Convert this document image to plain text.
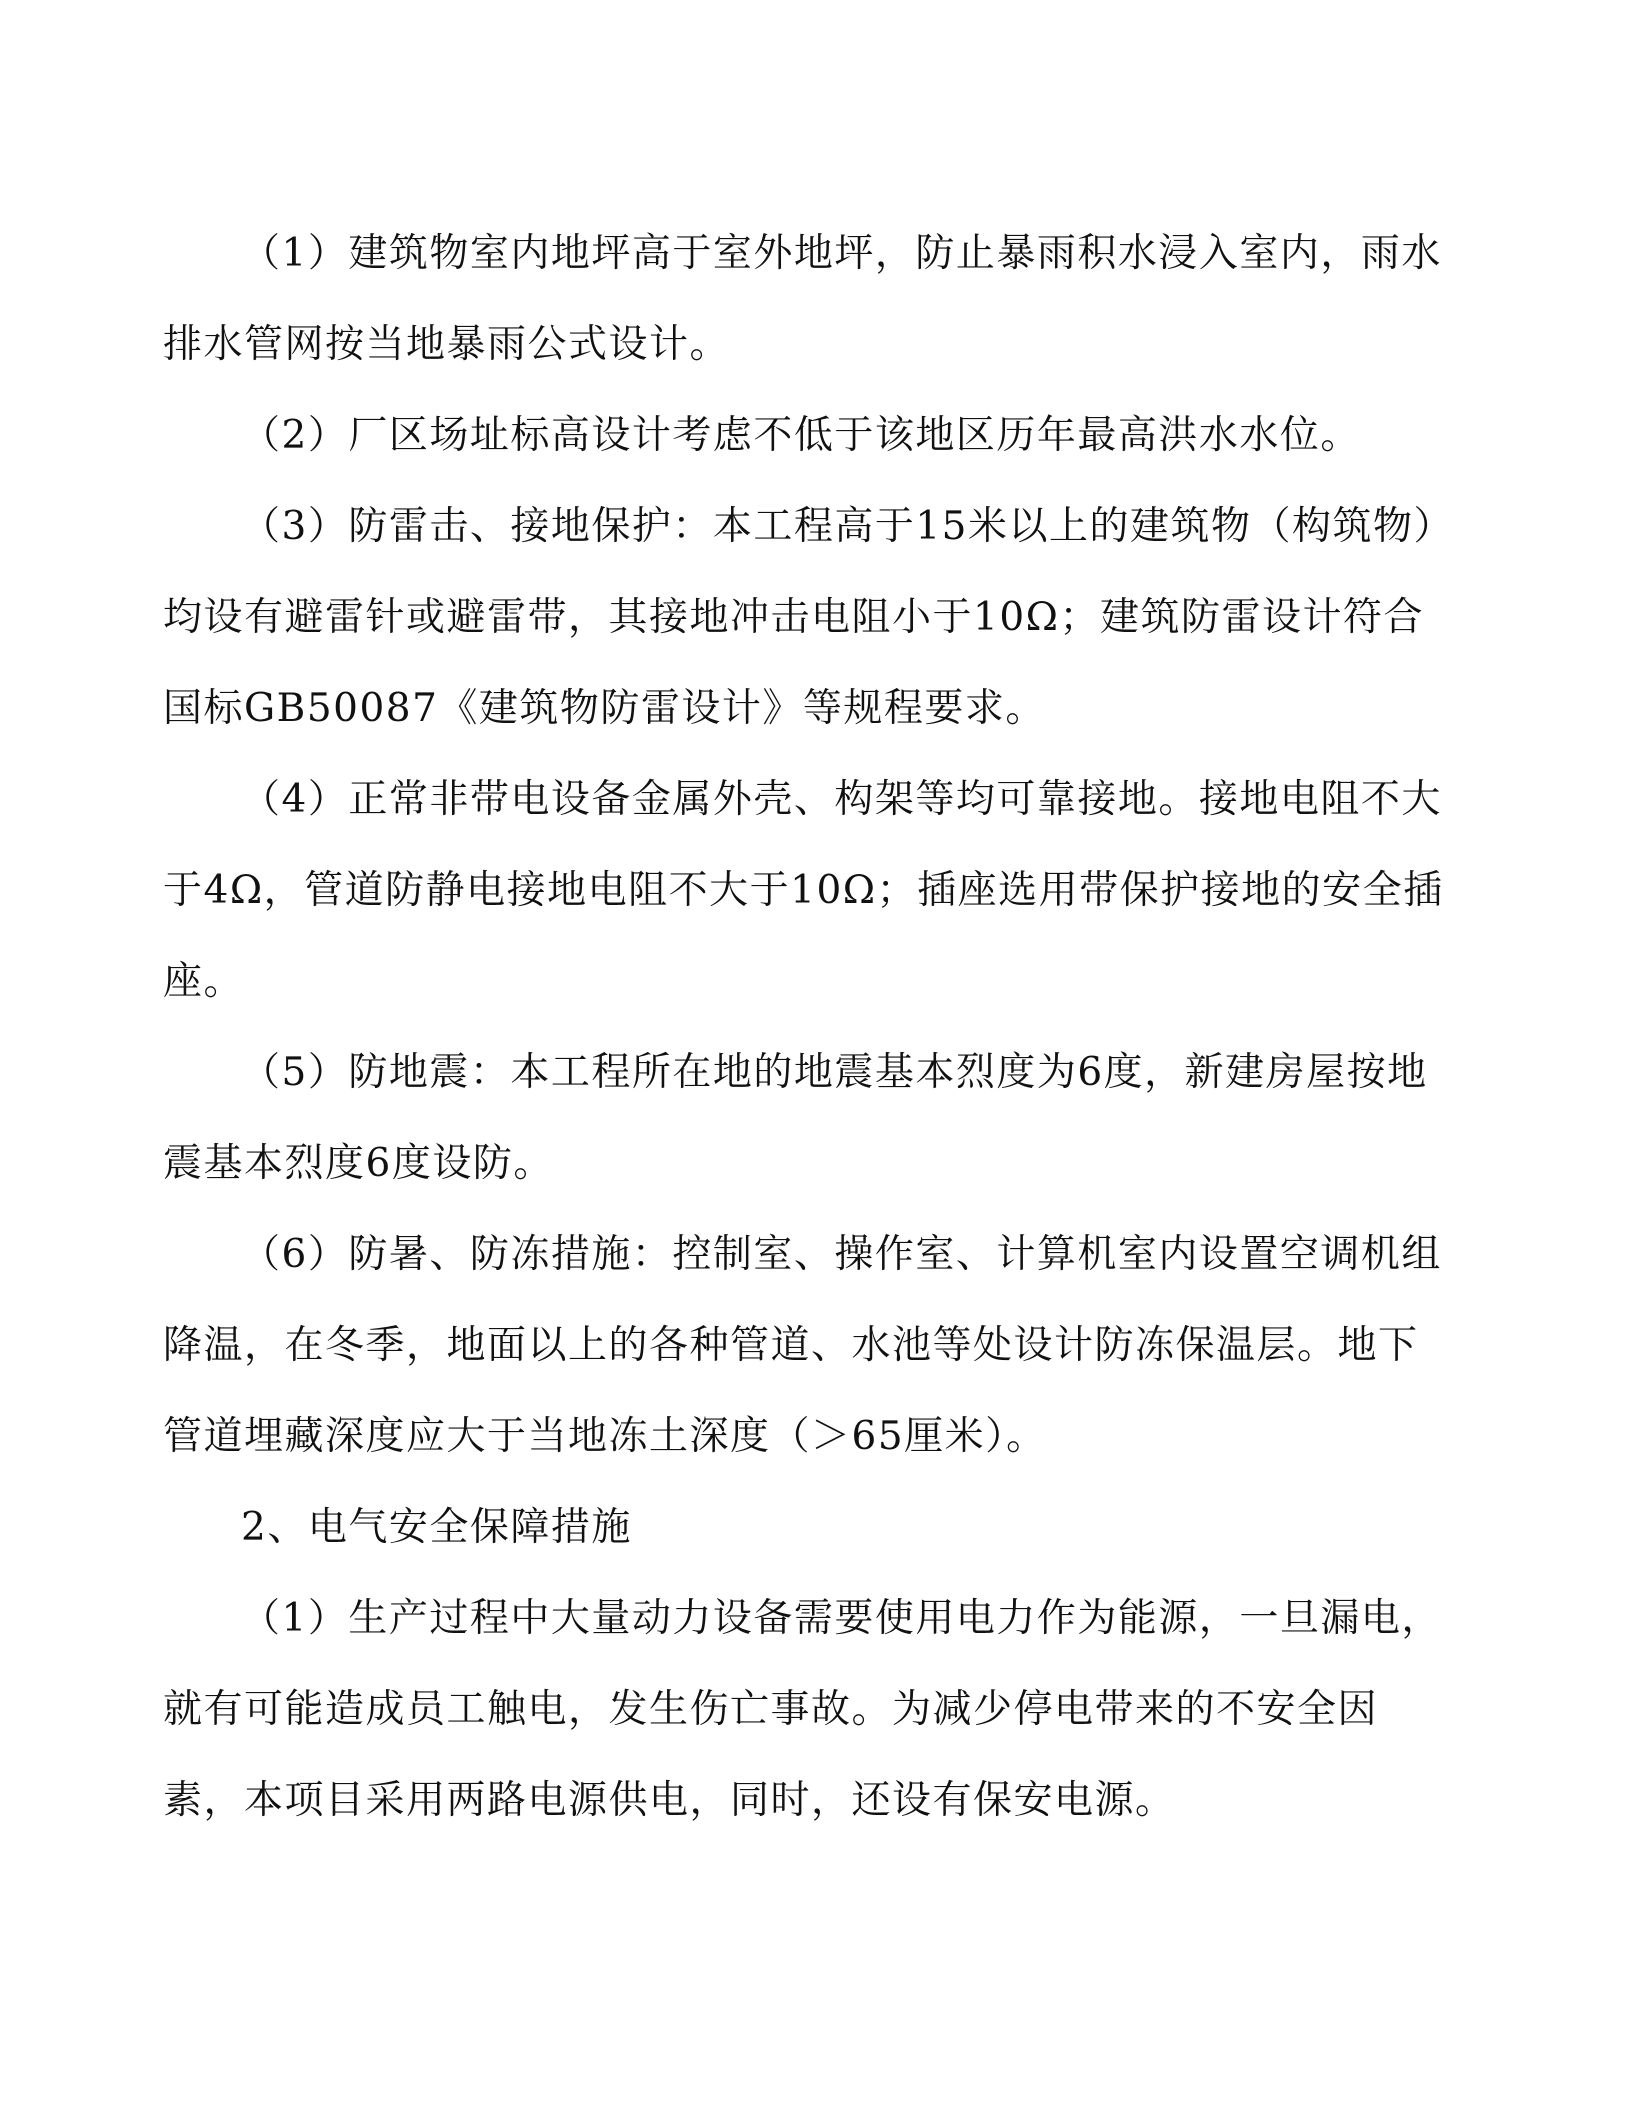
（1）建筑物室内地坪高于室外地坪，防止暴雨积水浸入室内，雨水排水管网按当地暴雨公式设计。

（2）厂区场址标高设计考虑不低于该地区历年最高洪水水位。

（3）防雷击、接地保护：本工程高于15米以上的建筑物（构筑物）均设有避雷针或避雷带，其接地冲击电阻小于10Ω；建筑防雷设计符合国标GB50087《建筑物防雷设计》等规程要求。

（4）正常非带电设备金属外壳、构架等均可靠接地。接地电阻不大于4Ω，管道防静电接地电阻不大于10Ω；插座选用带保护接地的安全插座。

（5）防地震：本工程所在地的地震基本烈度为6度，新建房屋按地震基本烈度6度设防。

（6）防暑、防冻措施：控制室、操作室、计算机室内设置空调机组降温，在冬季，地面以上的各种管道、水池等处设计防冻保温层。地下管道埋藏深度应大于当地冻土深度（＞65厘米）。

2、电气安全保障措施

（1）生产过程中大量动力设备需要使用电力作为能源，一旦漏电，就有可能造成员工触电，发生伤亡事故。为减少停电带来的不安全因素，本项目采用两路电源供电，同时，还设有保安电源。
